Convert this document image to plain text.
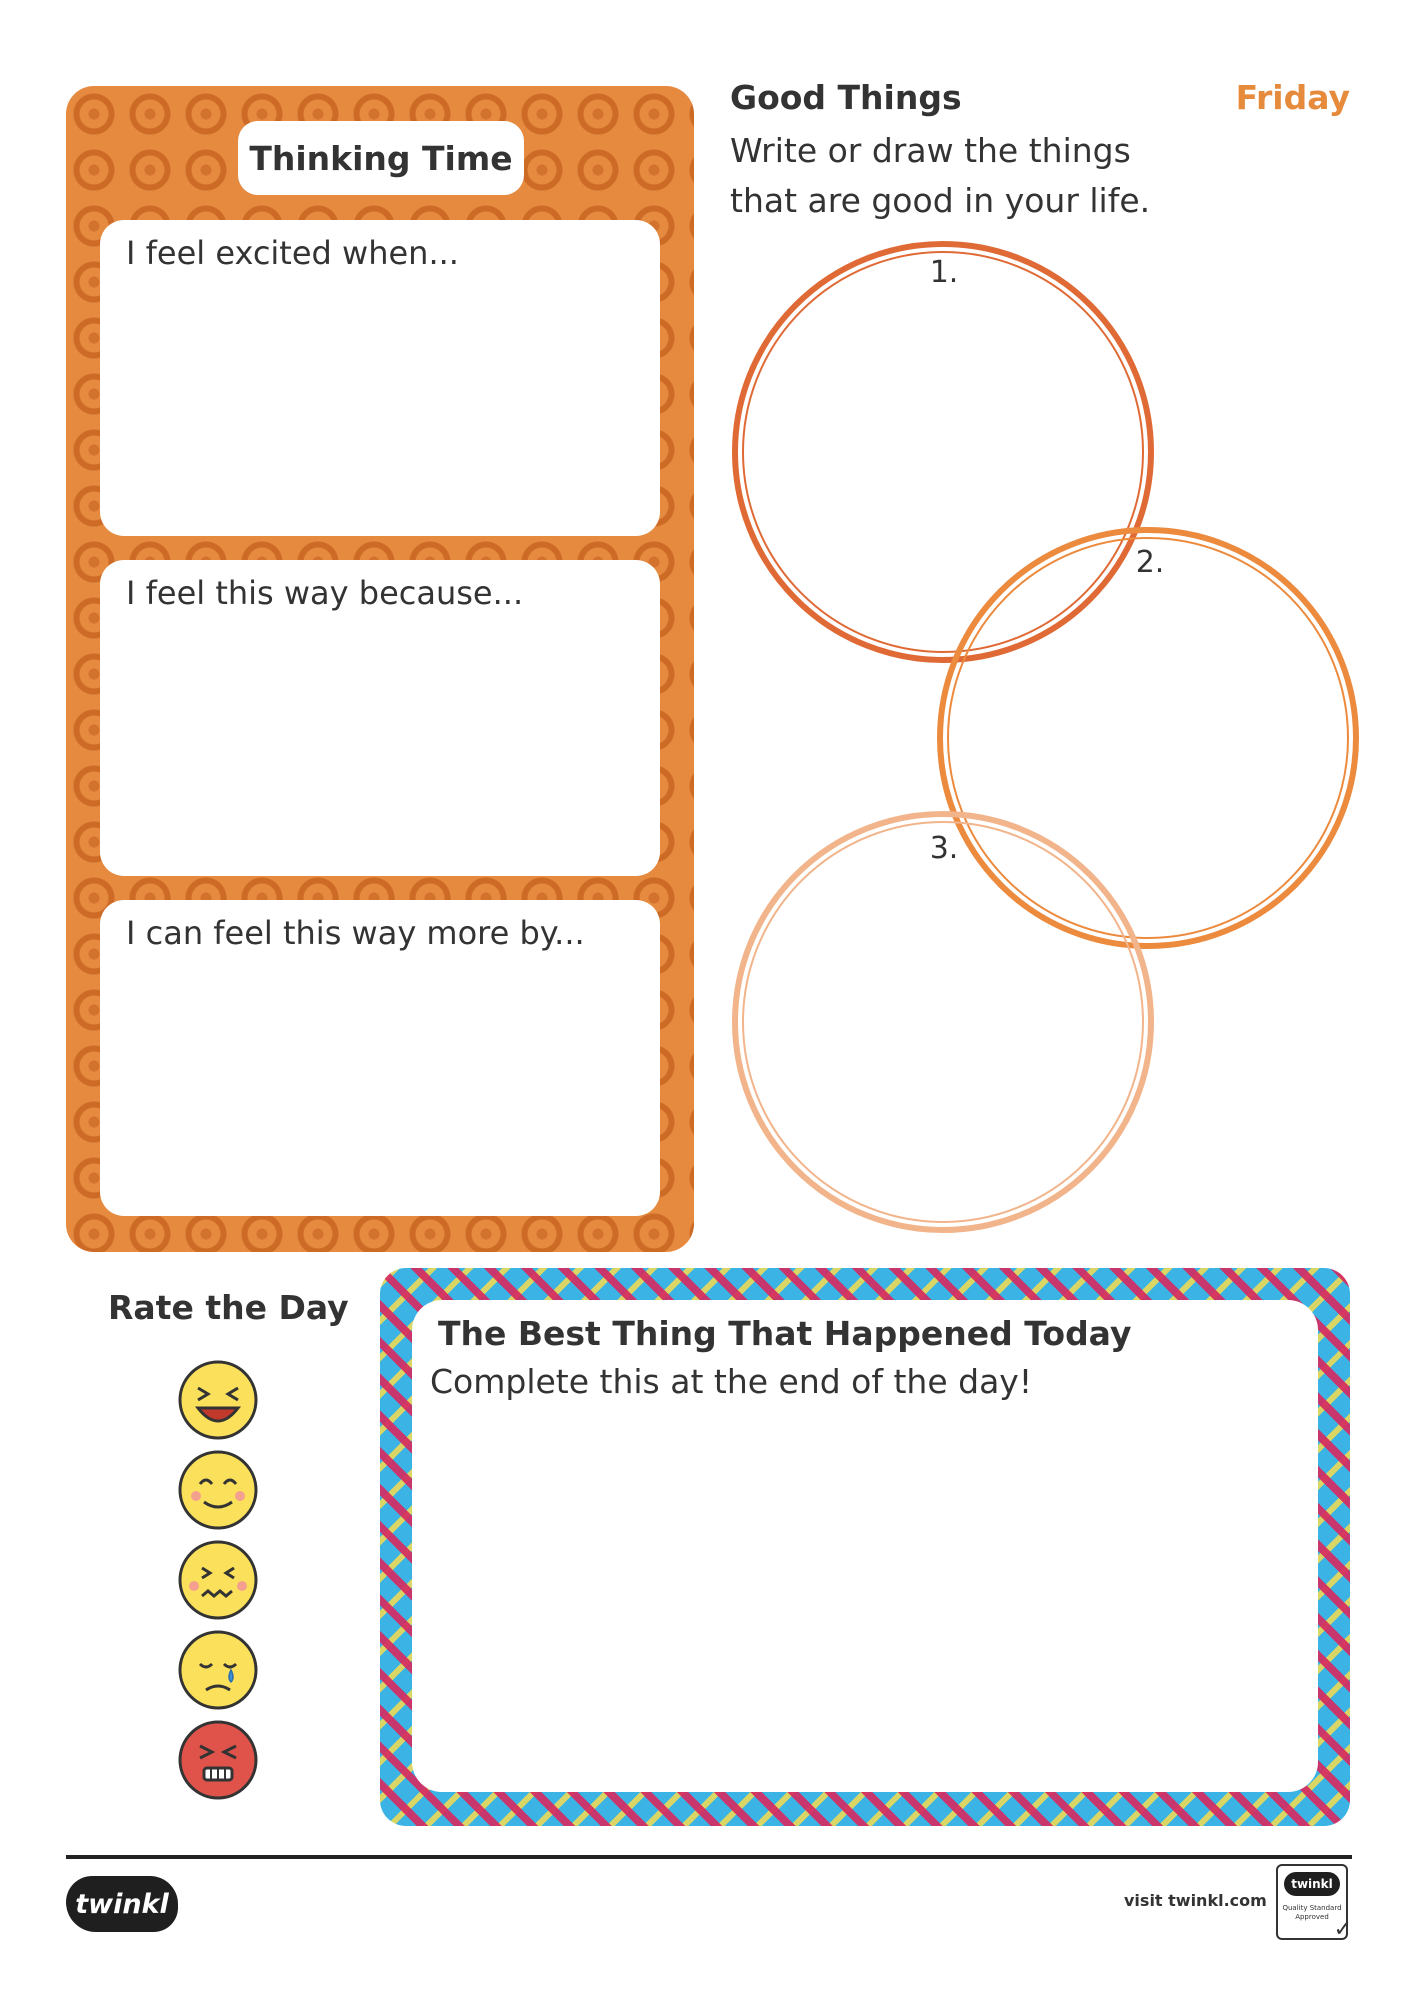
Thinking Time
I feel excited when...
I feel this way because...
I can feel this way more by...
Good Things	Friday
Write or draw the things
that are good in your life.
1.
2.
3.
Rate the Day
The Best Thing That Happened Today
Complete this at the end of the day!
twinkl	visit twinkl.com
twinkl
Quality Standard Approved ✓
